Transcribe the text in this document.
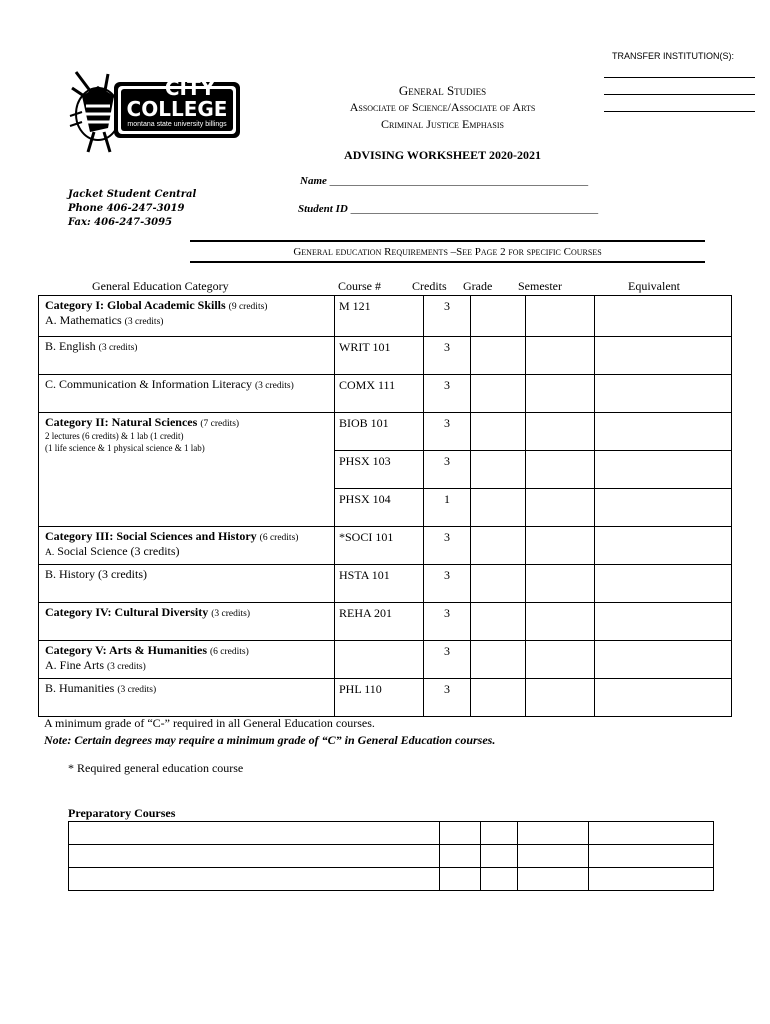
TRANSFER INSTITUTION(S):
CITY
COLLEGE
montana state university billings
General Studies
Associate of Science/Associate of Arts
Criminal Justice Emphasis
ADVISING WORKSHEET 2020-2021
Name _______________________________________________
Student ID _____________________________________________
Jacket Student Central
Phone 406-247-3019
Fax: 406-247-3095
General education Requirements –See Page 2 for specific Courses
General Education Category	Course #	Credits Grade Semester	Equivalent
Category I: Global Academic Skills (9 credits)
A. Mathematics (3 credits)	M 121	3			
B. English (3 credits)	WRIT 101	3			
C. Communication & Information Literacy (3 credits)	COMX 111	3			
Category II: Natural Sciences (7 credits)
2 lectures (6 credits) & 1 lab (1 credit)
(1 life science & 1 physical science & 1 lab)	BIOB 101	3			
	PHSX 103	3			
	PHSX 104	1			
Category III: Social Sciences and History (6 credits)
A. Social Science (3 credits)	*SOCI 101	3			
B. History (3 credits)	HSTA 101	3			
Category IV: Cultural Diversity (3 credits)	REHA 201	3			
Category V: Arts & Humanities (6 credits)
A. Fine Arts (3 credits)		3			
B. Humanities (3 credits)	PHL 110	3			
A minimum grade of “C-” required in all General Education courses.
Note: Certain degrees may require a minimum grade of “C” in General Education courses.
* Required general education course
Preparatory Courses
